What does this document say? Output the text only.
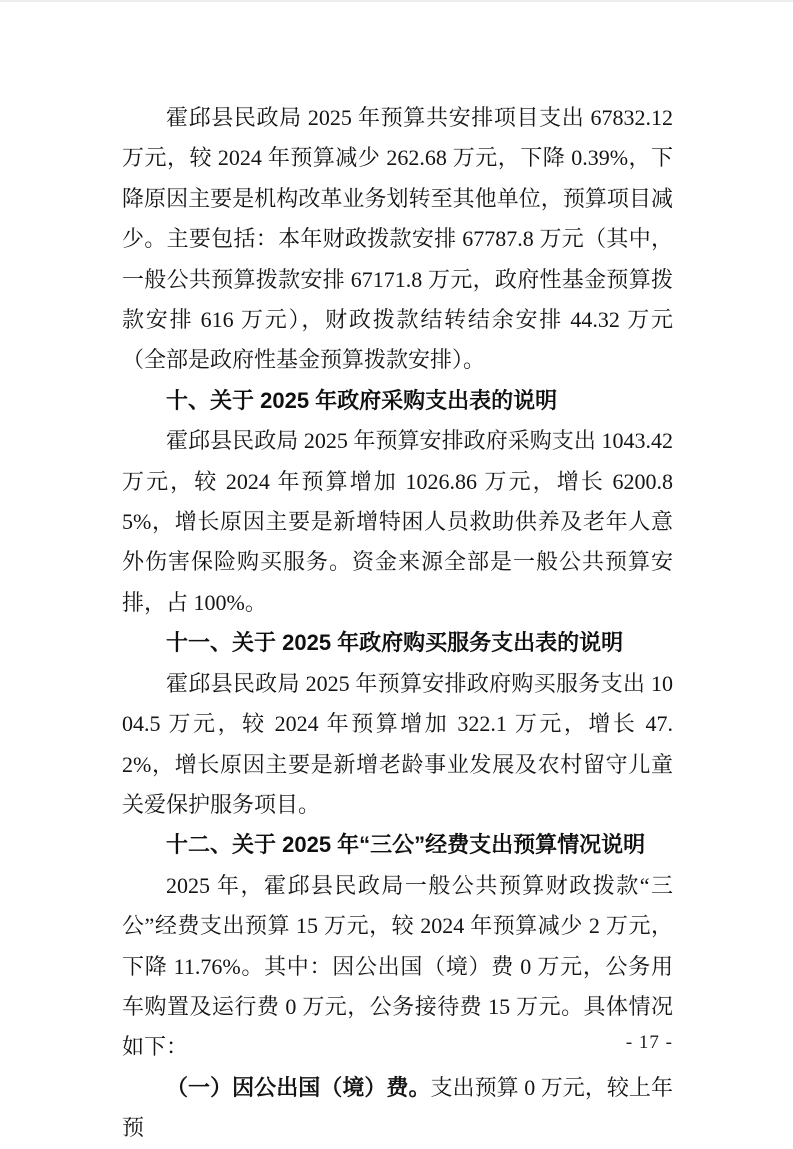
霍邱县民政局 2025 年预算共安排项目支出 67832.12 万元，较 2024 年预算减少 262.68 万元，下降 0.39%，下降原因主要是机构改革业务划转至其他单位，预算项目减少。主要包括：本年财政拨款安排 67787.8 万元（其中，一般公共预算拨款安排 67171.8 万元，政府性基金预算拨款安排 616 万元），财政拨款结转结余安排 44.32 万元（全部是政府性基金预算拨款安排）。

十、关于 2025 年政府采购支出表的说明

霍邱县民政局 2025 年预算安排政府采购支出 1043.42 万元，较 2024 年预算增加 1026.86 万元，增长 6200.85%，增长原因主要是新增特困人员救助供养及老年人意外伤害保险购买服务。资金来源全部是一般公共预算安排，占 100%。

十一、关于 2025 年政府购买服务支出表的说明

霍邱县民政局 2025 年预算安排政府购买服务支出 1004.5 万元，较 2024 年预算增加 322.1 万元，增长 47.2%，增长原因主要是新增老龄事业发展及农村留守儿童关爱保护服务项目。

十二、关于 2025 年“三公”经费支出预算情况说明

2025 年，霍邱县民政局一般公共预算财政拨款“三公”经费支出预算 15 万元，较 2024 年预算减少 2 万元，下降 11.76%。其中：因公出国（境）费 0 万元，公务用车购置及运行费 0 万元，公务接待费 15 万元。具体情况如下：

（一）因公出国（境）费。支出预算 0 万元，较上年预

- 17 -
